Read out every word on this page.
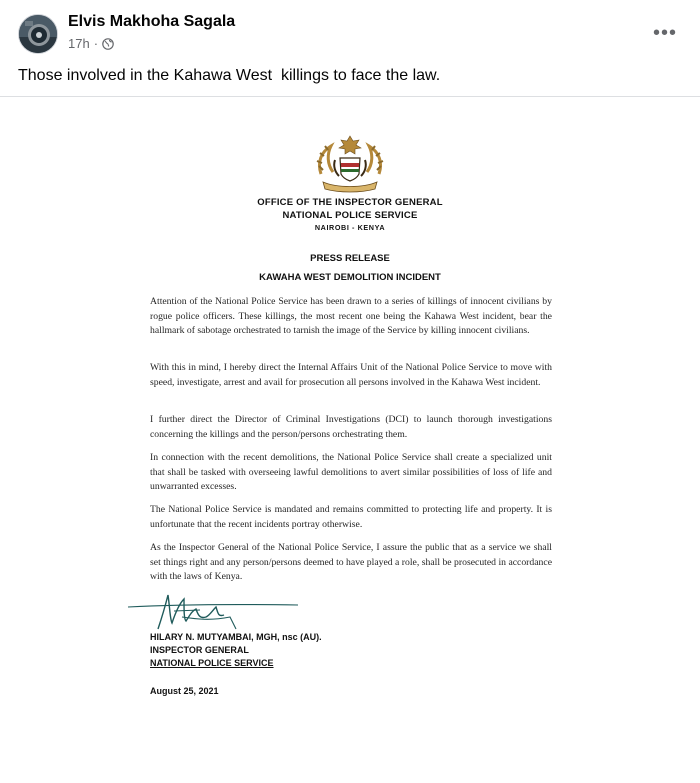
Elvis Makhoha Sagala
17h ·	•••
Those involved in the Kahawa West  killings to face the law.
OFFICE OF THE INSPECTOR GENERAL
NATIONAL POLICE SERVICE
NAIROBI - KENYA
PRESS RELEASE
KAWAHA WEST DEMOLITION INCIDENT

Attention of the National Police Service has been drawn to a series of killings of innocent civilians by rogue police officers. These killings, the most recent one being the Kahawa West incident, bear the hallmark of sabotage orchestrated to tarnish the image of the Service by killing innocent civilians.

With this in mind, I hereby direct the Internal Affairs Unit of the National Police Service to move with speed, investigate, arrest and avail for prosecution all persons involved in the Kahawa West incident.

I further direct the Director of Criminal Investigations (DCI) to launch thorough investigations concerning the killings and the person/persons orchestrating them.

In connection with the recent demolitions, the National Police Service shall create a specialized unit that shall be tasked with overseeing lawful demolitions to avert similar possibilities of loss of life and unwarranted excesses.

The National Police Service is mandated and remains committed to protecting life and property. It is unfortunate that the recent incidents portray otherwise.

As the Inspector General of the National Police Service, I assure the public that as a service we shall set things right and any person/persons deemed to have played a role, shall be prosecuted in accordance with the laws of Kenya.

HILARY N. MUTYAMBAI, MGH, nsc (AU).
INSPECTOR GENERAL
NATIONAL POLICE SERVICE
August 25, 2021
